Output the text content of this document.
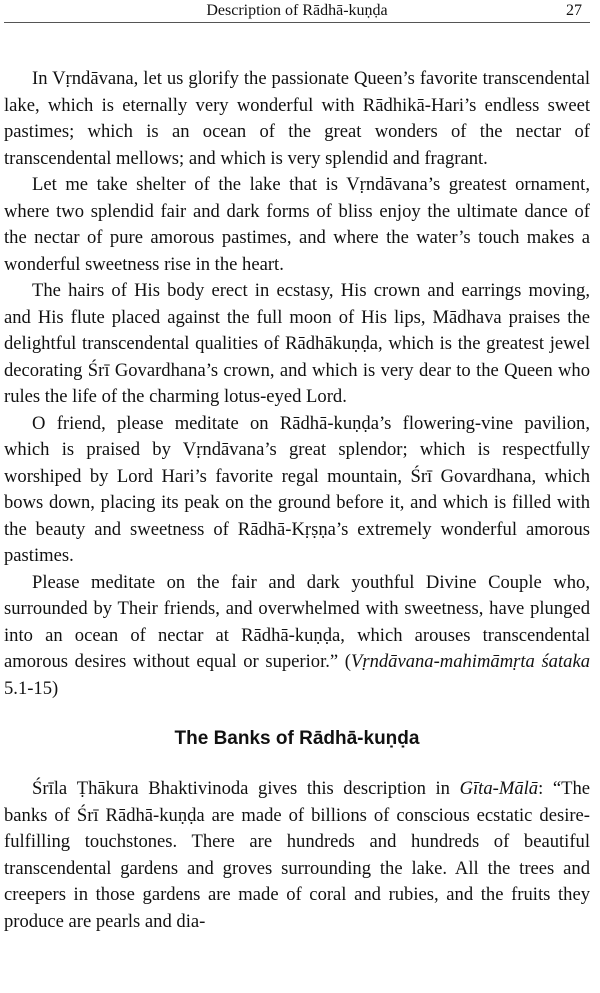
Description of Rādhā-kuṇḍa	27

In Vṛndāvana, let us glorify the passionate Queen’s favorite transcendental lake, which is eternally very wonderful with Rādhikā-Hari’s endless sweet pastimes; which is an ocean of the great wonders of the nectar of transcendental mellows; and which is very splendid and fragrant.

Let me take shelter of the lake that is Vṛndāvana’s greatest ornament, where two splendid fair and dark forms of bliss enjoy the ultimate dance of the nectar of pure amorous pastimes, and where the water’s touch makes a wonderful sweetness rise in the heart.

The hairs of His body erect in ecstasy, His crown and earrings moving, and His flute placed against the full moon of His lips, Mādhava praises the delightful transcendental qualities of Rādhākuṇḍa, which is the greatest jewel decorating Śrī Govardhana’s crown, and which is very dear to the Queen who rules the life of the charming lotus-eyed Lord.

O friend, please meditate on Rādhā-kuṇḍa’s flowering-vine pavilion, which is praised by Vṛndāvana’s great splendor; which is respectfully worshiped by Lord Hari’s favorite regal mountain, Śrī Govardhana, which bows down, placing its peak on the ground before it, and which is filled with the beauty and sweetness of Rādhā-Kṛṣṇa’s extremely wonderful amorous pastimes.

Please meditate on the fair and dark youthful Divine Couple who, surrounded by Their friends, and overwhelmed with sweetness, have plunged into an ocean of nectar at Rādhā-kuṇḍa, which arouses transcendental amorous desires without equal or superior.” (Vṛndāvana-mahimāmṛta śataka 5.1-15)

The Banks of Rādhā-kuṇḍa

Śrīla Ṭhākura Bhaktivinoda gives this description in Gīta-Mālā: “The banks of Śrī Rādhā-kuṇḍa are made of billions of conscious ecstatic desire-fulfilling touchstones. There are hundreds and hundreds of beautiful transcendental gardens and groves surrounding the lake. All the trees and creepers in those gardens are made of coral and rubies, and the fruits they produce are pearls and dia-
